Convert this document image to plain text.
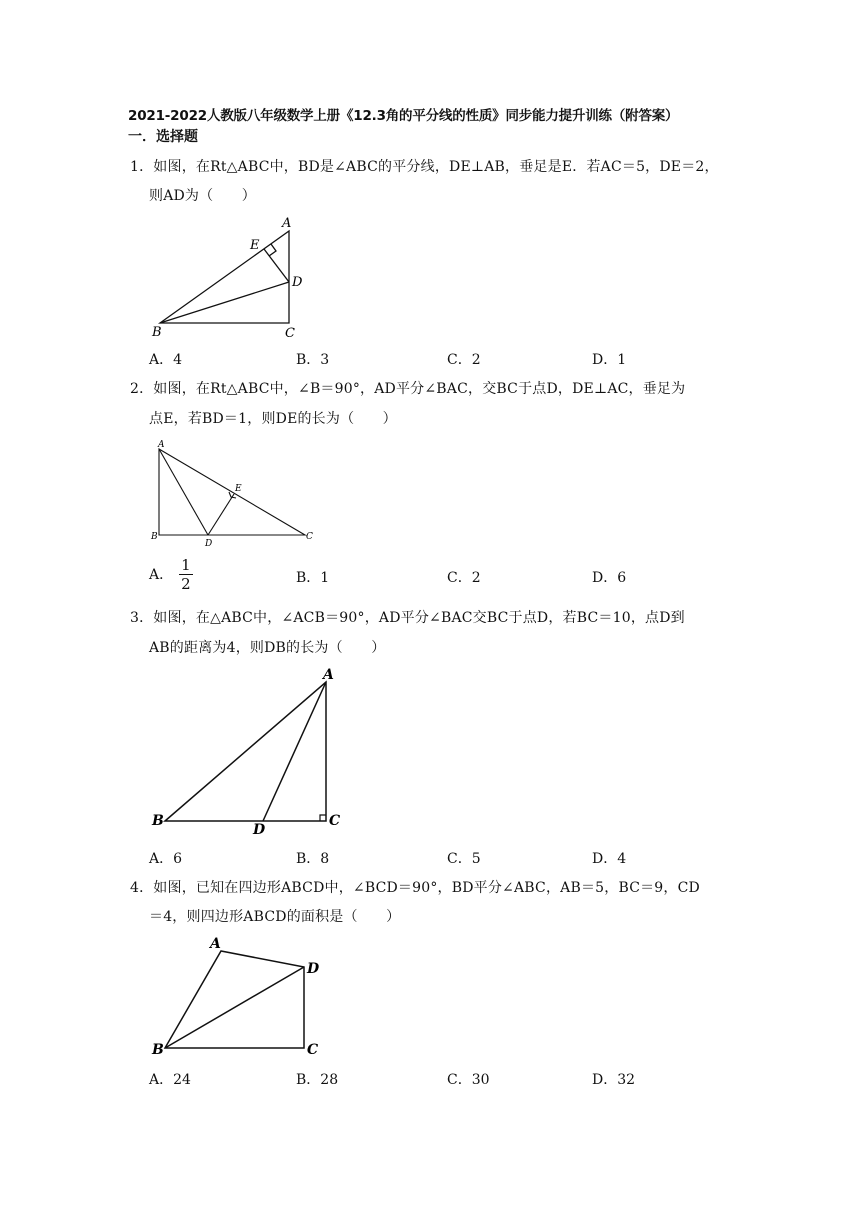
2021-2022人教版八年级数学上册《12.3角的平分线的性质》同步能力提升训练（附答案）
一．选择题
1．如图，在Rt△ABC中，BD是∠ABC的平分线，DE⊥AB，垂足是E．若AC＝5，DE＝2，
则AD为（　　）
A
E
D
B	C
A．4	B．3	C．2	D．1
2．如图，在Rt△ABC中，∠B＝90°，AD平分∠BAC，交BC于点D，DE⊥AC，垂足为
点E，若BD＝1，则DE的长为（　　）
A
E
B
D
C
A． $\frac{1}{2}$	B．1	C．2	D．6
3．如图，在△ABC中，∠ACB＝90°，AD平分∠BAC交BC于点D，若BC＝10，点D到
AB的距离为4，则DB的长为（　　）
A
B
D
C
A．6	B．8	C．5	D．4
4．如图，已知在四边形ABCD中，∠BCD＝90°，BD平分∠ABC，AB＝5，BC＝9，CD
＝4，则四边形ABCD的面积是（　　）
A
D
B	C
A．24	B．28	C．30	D．32
